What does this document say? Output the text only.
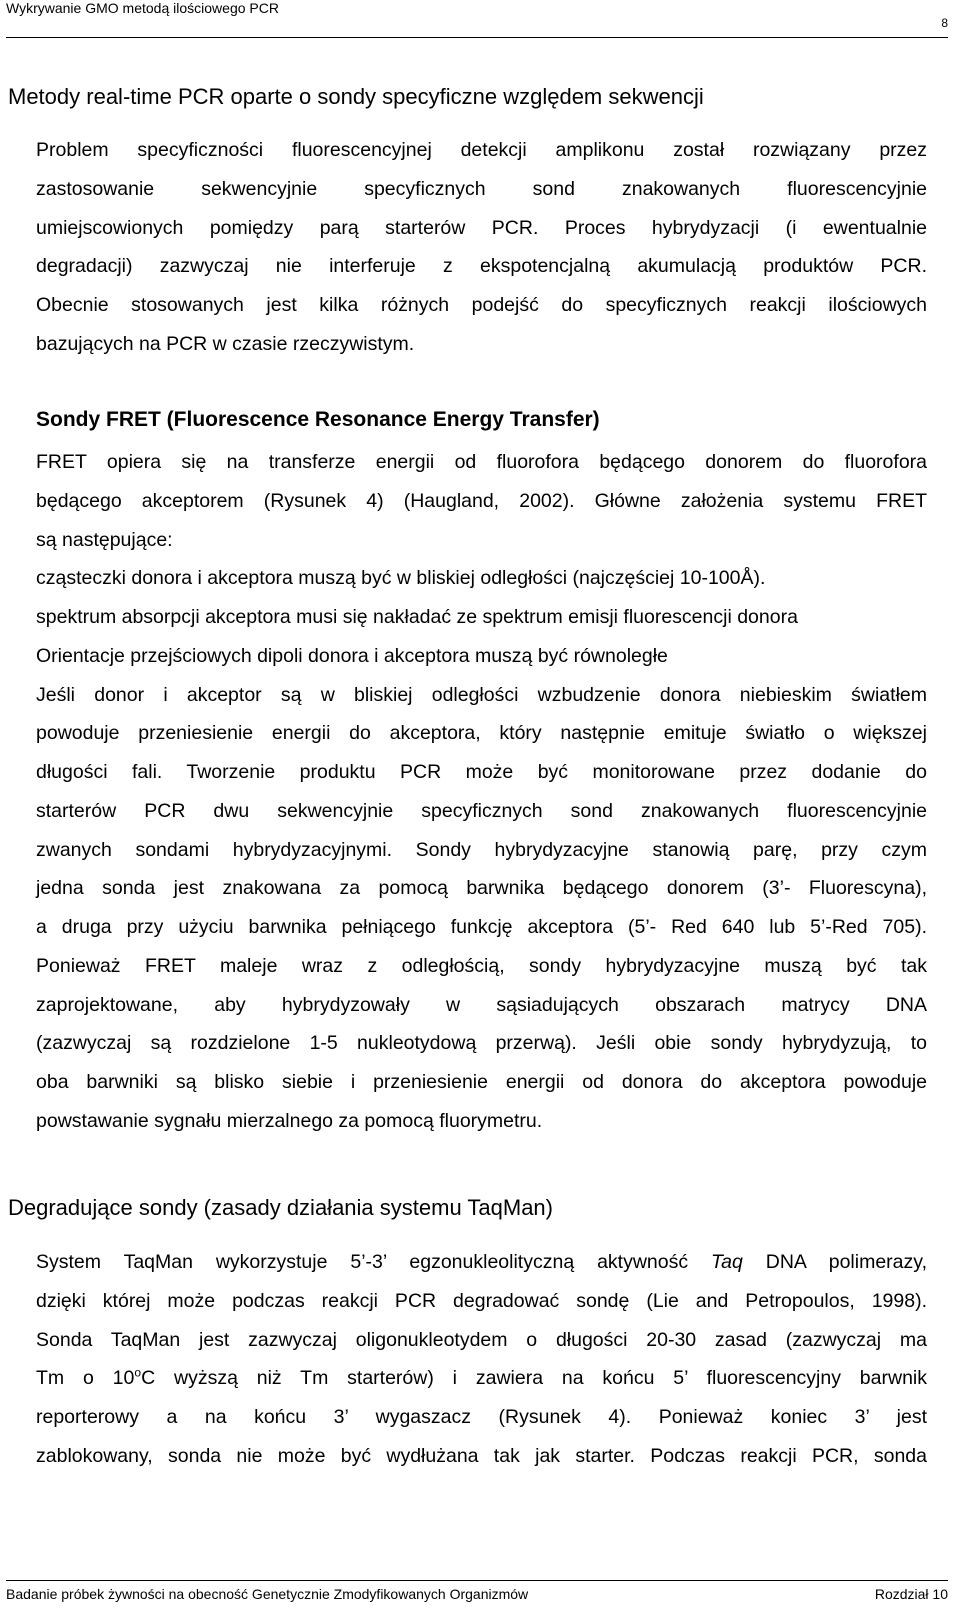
Wykrywanie GMO metodą ilościowego PCR
8
Metody real-time PCR oparte o sondy specyficzne względem sekwencji
Problem specyficzności fluorescencyjnej detekcji amplikonu został rozwiązany przez
zastosowanie sekwencyjnie specyficznych sond znakowanych fluorescencyjnie
umiejscowionych pomiędzy parą starterów PCR. Proces hybrydyzacji (i ewentualnie
degradacji) zazwyczaj nie interferuje z ekspotencjalną akumulacją produktów PCR.
Obecnie stosowanych jest kilka różnych podejść do specyficznych reakcji ilościowych
bazujących na PCR w czasie rzeczywistym.
Sondy FRET (Fluorescence Resonance Energy Transfer)
FRET opiera się na transferze energii od fluorofora będącego donorem do fluorofora
będącego akceptorem (Rysunek 4) (Haugland, 2002). Główne założenia systemu FRET
są następujące:
cząsteczki donora i akceptora muszą być w bliskiej odległości (najczęściej 10-100Å).
spektrum absorpcji akceptora musi się nakładać ze spektrum emisji fluorescencji donora
Orientacje przejściowych dipoli donora i akceptora muszą być równoległe
Jeśli donor i akceptor są w bliskiej odległości wzbudzenie donora niebieskim światłem
powoduje przeniesienie energii do akceptora, który następnie emituje światło o większej
długości fali. Tworzenie produktu PCR może być monitorowane przez dodanie do
starterów PCR dwu sekwencyjnie specyficznych sond znakowanych fluorescencyjnie
zwanych sondami hybrydyzacyjnymi. Sondy hybrydyzacyjne stanowią parę, przy czym
jedna sonda jest znakowana za pomocą barwnika będącego donorem (3’- Fluorescyna),
a druga przy użyciu barwnika pełniącego funkcję akceptora (5’- Red 640 lub 5’-Red 705).
Ponieważ FRET maleje wraz z odległością, sondy hybrydyzacyjne muszą być tak
zaprojektowane, aby hybrydyzowały w sąsiadujących obszarach matrycy DNA
(zazwyczaj są rozdzielone 1-5 nukleotydową przerwą). Jeśli obie sondy hybrydyzują, to
oba barwniki są blisko siebie i przeniesienie energii od donora do akceptora powoduje
powstawanie sygnału mierzalnego za pomocą fluorymetru.
Degradujące sondy (zasady działania systemu TaqMan)
System TaqMan wykorzystuje 5’-3’ egzonukleolityczną aktywność Taq DNA polimerazy,
dzięki której może podczas reakcji PCR degradować sondę (Lie and Petropoulos, 1998).
Sonda TaqMan jest zazwyczaj oligonukleotydem o długości 20-30 zasad (zazwyczaj ma
Tm o 10$^o$C wyższą niż Tm starterów) i zawiera na końcu 5’ fluorescencyjny barwnik
reporterowy a na końcu 3’ wygaszacz (Rysunek 4). Ponieważ koniec 3’ jest
zablokowany, sonda nie może być wydłużana tak jak starter. Podczas reakcji PCR, sonda
Badanie próbek żywności na obecność Genetycznie Zmodyfikowanych Organizmów	Rozdział 10
